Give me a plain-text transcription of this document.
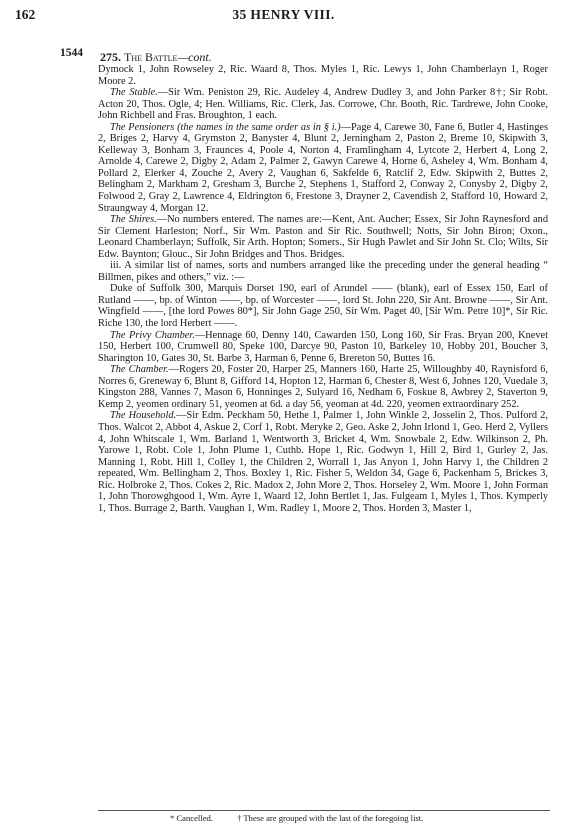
162	35 HENRY VIII.
1544 275. The Battle—cont.

Dymock 1, John Rowseley 2, Ric. Waard 8, Thos. Myles 1, Ric. Lewys 1, John Chamberlayn 1, Roger Moore 2.

The Stable.—Sir Wm. Peniston 29, Ric. Audeley 4, Andrew Dudley 3, and John Parker 8†; Sir Robt. Acton 20, Thos. Ogle, 4; Hen. Williams, Ric. Clerk, Jas. Corrowe, Chr. Booth, Ric. Tardrewe, John Cooke, John Richbell and Fras. Broughton, 1 each.

The Pensioners (the names in the same order as in § i.)—Page 4, Carewe 30, Fane 6, Butler 4, Hastinges 2, Briges 2, Harvy 4, Grymston 2, Banyster 4, Blunt 2, Jerningham 2, Paston 2, Breme 10, Skipwith 3, Kelleway 3, Bonham 3, Fraunces 4, Poole 4, Norton 4, Framlingham 4, Lytcote 2, Herbert 4, Long 2, Arnolde 4, Carewe 2, Digby 2, Adam 2, Palmer 2, Gawyn Carewe 4, Horne 6, Asheley 4, Wm. Bonham 4, Pollard 2, Elerker 4, Zouche 2, Avery 2, Vaughan 6, Sakfelde 6, Ratclif 2, Edw. Skipwith 2, Buttes 2, Belingham 2, Markham 2, Gresham 3, Burche 2, Stephens 1, Stafford 2, Conway 2, Conysby 2, Digby 2, Folwood 2, Gray 2, Lawrence 4, Eldrington 6, Frestone 3, Drayner 2, Cavendish 2, Stafford 10, Howard 2, Straungway 4, Morgan 12.

The Shires.—No numbers entered. The names are:—Kent, Ant. Aucher; Essex, Sir John Raynesford and Sir Clement Harleston; Norf., Sir Wm. Paston and Sir Ric. Southwell; Notts, Sir John Biron; Oxon., Leonard Chamberlayn; Suffolk, Sir Arth. Hopton; Somers., Sir Hugh Pawlet and Sir John St. Clo; Wilts, Sir Edw. Baynton; Glouc., Sir John Bridges and Thos. Bridges.

iii. A similar list of names, sorts and numbers arranged like the preceding under the general heading “ Billmen, pikes and others,” viz. :—

Duke of Suffolk 300, Marquis Dorset 190, earl of Arundel —— (blank), earl of Essex 150, Earl of Rutland ——, bp. of Winton ——, bp. of Worcester ——, lord St. John 220, Sir Ant. Browne ——, Sir Ant. Wingfield ——, [the lord Powes 80*], Sir John Gage 250, Sir Wm. Paget 40, [Sir Wm. Petre 10]*, Sir Ric. Riche 130, the lord Herbert ——.

The Privy Chamber.—Hennage 60, Denny 140, Cawarden 150, Long 160, Sir Fras. Bryan 200, Knevet 150, Herbert 100, Crumwell 80, Speke 100, Darcye 90, Paston 10, Barkeley 10, Hobby 201, Boucher 3, Sharington 10, Gates 30, St. Barbe 3, Harman 6, Penne 6, Brereton 50, Buttes 16.

The Chamber.—Rogers 20, Foster 20, Harper 25, Manners 160, Harte 25, Willoughby 40, Raynisford 6, Norres 6, Greneway 6, Blunt 8, Gifford 14, Hopton 12, Harman 6, Chester 8, West 6, Johnes 120, Vuedale 3, Kingston 288, Vannes 7, Mason 6, Honninges 2, Sulyard 16, Nedham 6, Foskue 8, Awbrey 2, Staverton 9, Kemp 2, yeomen ordinary 51, yeomen at 6d. a day 56, yeoman at 4d. 220, yeomen extraordinary 252.

The Household.—Sir Edm. Peckham 50, Hethe 1, Palmer 1, John Winkle 2, Josselin 2, Thos. Pulford 2, Thos. Walcot 2, Abbot 4, Askue 2, Corf 1, Robt. Meryke 2, Geo. Aske 2, John Irlond 1, Geo. Herd 2, Vyllers 4, John Whitscale 1, Wm. Barland 1, Wentworth 3, Bricket 4, Wm. Snowbale 2, Edw. Wilkinson 2, Ph. Yarowe 1, Robt. Cole 1, John Plume 1, Cuthb. Hope 1, Ric. Godwyn 1, Hill 2, Bird 1, Gurley 2, Jas. Manning 1, Robt. Hill 1, Colley 1, the Children 2, Worrall 1, Jas Anyon 1, John Harvy 1, the Children 2 repeated, Wm. Bellingham 2, Thos. Boxley 1, Ric. Fisher 5, Weldon 34, Gage 6, Packenham 5, Brickes 3, Ric. Holbroke 2, Thos. Cokes 2, Ric. Madox 2, John More 2, Thos. Horseley 2, Wm. Moore 1, John Forman 1, John Thorowghgood 1, Wm. Ayre 1, Waard 12, John Bertlet 1, Jas. Fulgeam 1, Myles 1, Thos. Kymperly 1, Thos. Burrage 2, Barth. Vaughan 1, Wm. Radley 1, Moore 2, Thos. Horden 3, Master 1,

* Cancelled.	† These are grouped with the last of the foregoing list.
